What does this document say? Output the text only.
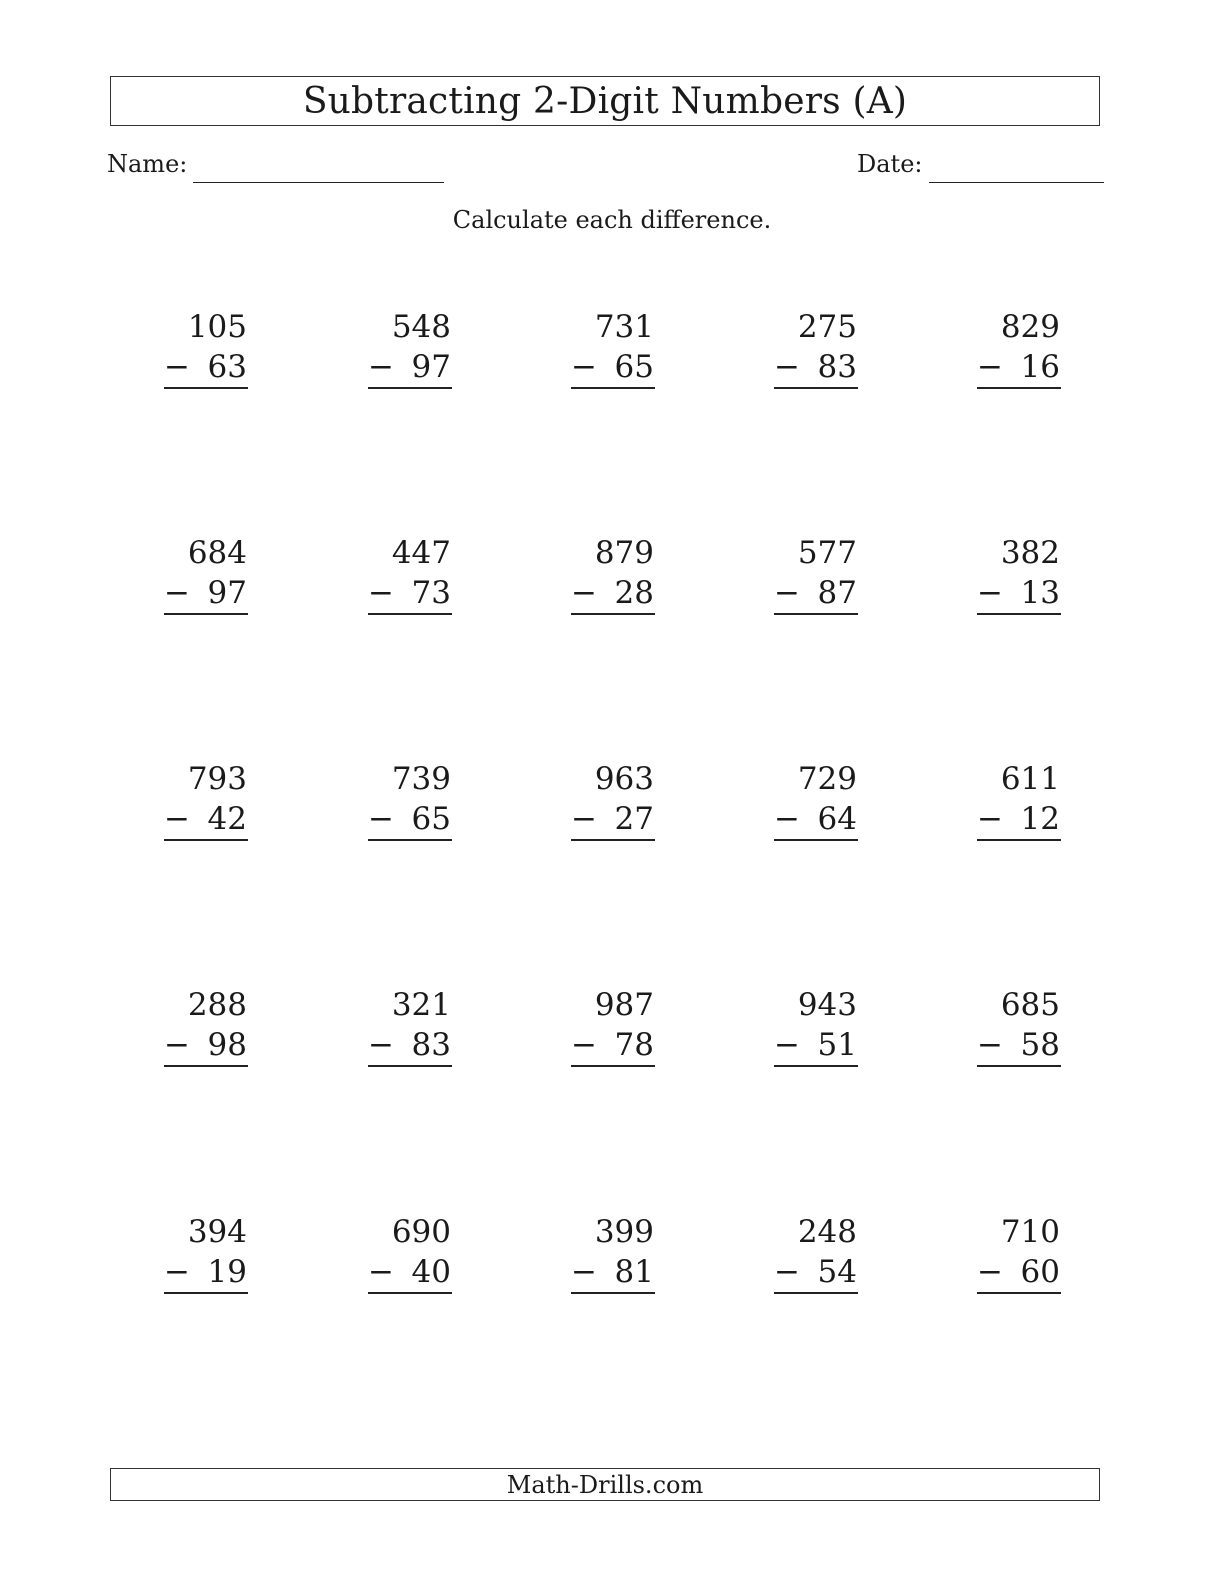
Subtracting 2-Digit Numbers (A)
Name:	Date:
Calculate each difference.
105
− 63
548
− 97
731
− 65
275
− 83
829
− 16
684
− 97
447
− 73
879
− 28
577
− 87
382
− 13
793
− 42
739
− 65
963
− 27
729
− 64
611
− 12
288
− 98
321
− 83
987
− 78
943
− 51
685
− 58
394
− 19
690
− 40
399
− 81
248
− 54
710
− 60
Math-Drills.com
